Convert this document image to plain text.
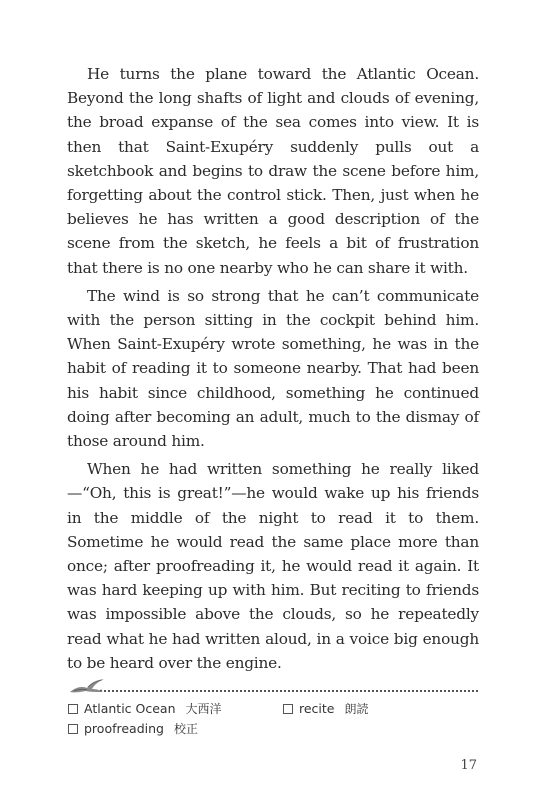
He turns the plane toward the Atlantic Ocean. Beyond the long shafts of light and clouds of evening, the broad expanse of the sea comes into view. It is then that Saint-Exupéry suddenly pulls out a sketchbook and begins to draw the scene before him, forgetting about the control stick. Then, just when he believes he has written a good description of the scene from the sketch, he feels a bit of frustration that there is no one nearby who he can share it with.

The wind is so strong that he can’t communicate with the person sitting in the cockpit behind him. When Saint-Exupéry wrote something, he was in the habit of reading it to someone nearby. That had been his habit since childhood, something he continued doing after becoming an adult, much to the dismay of those around him.

When he had written something he really liked—“Oh, this is great!”—he would wake up his friends in the middle of the night to read it to them. Sometime he would read the same place more than once; after proofreading it, he would read it again. It was hard keeping up with him. But reciting to friends was impossible above the clouds, so he repeatedly read what he had written aloud, in a voice big enough to be heard over the engine.

Atlantic Ocean 大西洋	recite 朗読
proofreading 校正
17
